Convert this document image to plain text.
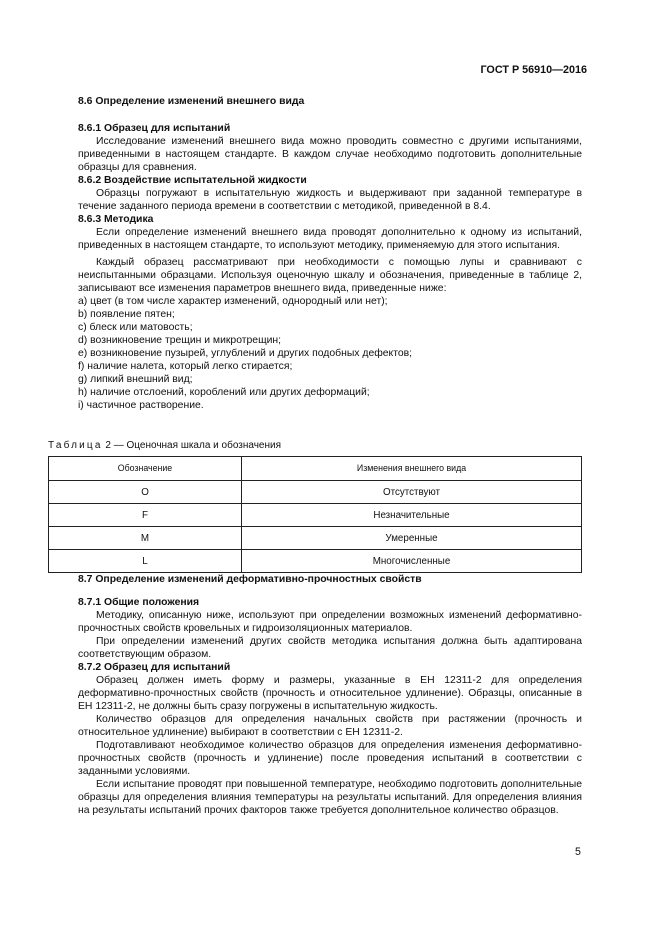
ГОСТ Р 56910—2016
8.6 Определение изменений внешнего вида
8.6.1 Образец для испытаний
Исследование изменений внешнего вида можно проводить совместно с другими испытаниями, приведенными в настоящем стандарте. В каждом случае необходимо подготовить дополнительные образцы для сравнения.
8.6.2 Воздействие испытательной жидкости
Образцы погружают в испытательную жидкость и выдерживают при заданной температуре в течение заданного периода времени в соответствии с методикой, приведенной в 8.4.
8.6.3 Методика
Если определение изменений внешнего вида проводят дополнительно к одному из испытаний, приведенных в настоящем стандарте, то используют методику, применяемую для этого испытания.
Каждый образец рассматривают при необходимости с помощью лупы и сравнивают с неиспытанными образцами. Используя оценочную шкалу и обозначения, приведенные в таблице 2, записывают все изменения параметров внешнего вида, приведенные ниже:
a) цвет (в том числе характер изменений, однородный или нет);
b) появление пятен;
c) блеск или матовость;
d) возникновение трещин и микротрещин;
e) возникновение пузырей, углублений и других подобных дефектов;
f) наличие налета, который легко стирается;
g) липкий внешний вид;
h) наличие отслоений, короблений или других деформаций;
i) частичное растворение.
Таблица 2 — Оценочная шкала и обозначения
Обозначение	Изменения внешнего вида
O	Отсутствуют
F	Незначительные
M	Умеренные
L	Многочисленные
8.7 Определение изменений деформативно-прочностных свойств
8.7.1 Общие положения
Методику, описанную ниже, используют при определении возможных изменений деформативно-прочностных свойств кровельных и гидроизоляционных материалов.
При определении изменений других свойств методика испытания должна быть адаптирована соответствующим образом.
8.7.2 Образец для испытаний
Образец должен иметь форму и размеры, указанные в ЕН 12311-2 для определения деформативно-прочностных свойств (прочность и относительное удлинение). Образцы, описанные в ЕН 12311-2, не должны быть сразу погружены в испытательную жидкость.
Количество образцов для определения начальных свойств при растяжении (прочность и относительное удлинение) выбирают в соответствии с ЕН 12311-2.
Подготавливают необходимое количество образцов для определения изменения деформативно-прочностных свойств (прочность и удлинение) после проведения испытаний в соответствии с заданными условиями.
Если испытание проводят при повышенной температуре, необходимо подготовить дополнительные образцы для определения влияния температуры на результаты испытаний. Для определения влияния на результаты испытаний прочих факторов также требуется дополнительное количество образцов.
5
